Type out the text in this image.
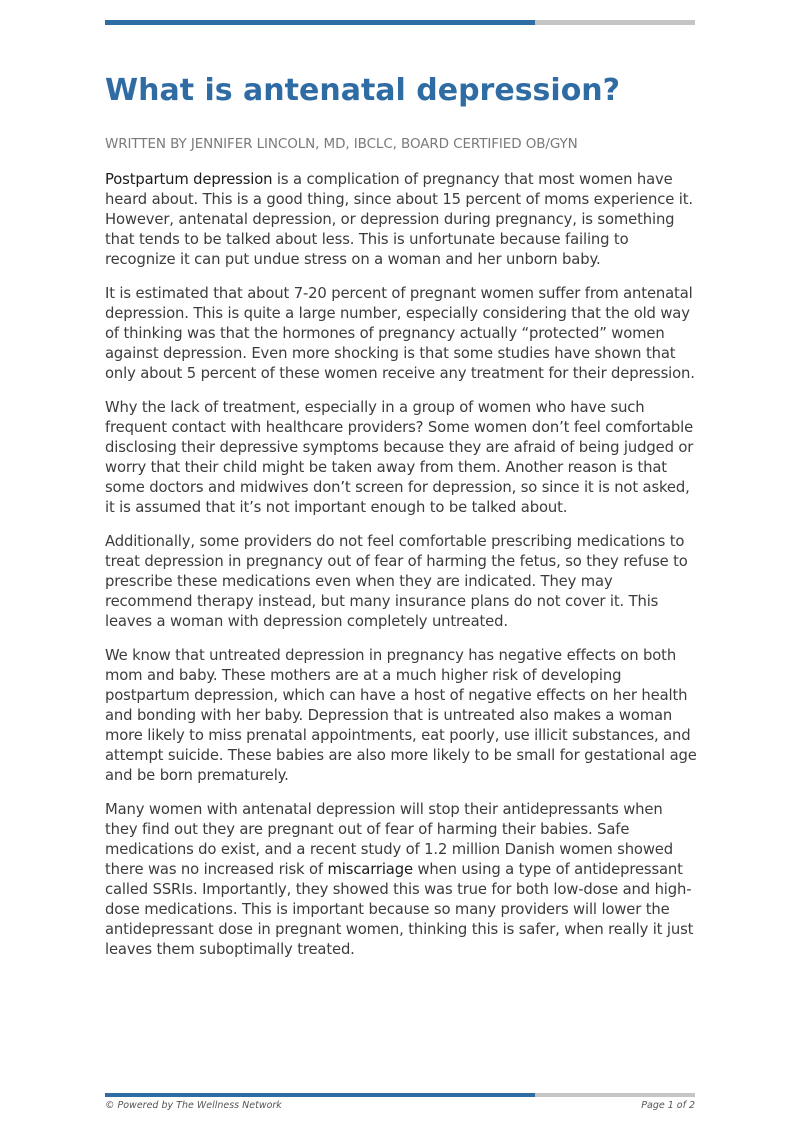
What is antenatal depression?
WRITTEN BY JENNIFER LINCOLN, MD, IBCLC, BOARD CERTIFIED OB/GYN

Postpartum depression is a complication of pregnancy that most women have heard about. This is a good thing, since about 15 percent of moms experience it. However, antenatal depression, or depression during pregnancy, is something that tends to be talked about less. This is unfortunate because failing to recognize it can put undue stress on a woman and her unborn baby.

It is estimated that about 7-20 percent of pregnant women suffer from antenatal depression. This is quite a large number, especially considering that the old way of thinking was that the hormones of pregnancy actually “protected” women against depression. Even more shocking is that some studies have shown that only about 5 percent of these women receive any treatment for their depression.

Why the lack of treatment, especially in a group of women who have such frequent contact with healthcare providers? Some women don’t feel comfortable disclosing their depressive symptoms because they are afraid of being judged or worry that their child might be taken away from them. Another reason is that some doctors and midwives don’t screen for depression, so since it is not asked, it is assumed that it’s not important enough to be talked about.

Additionally, some providers do not feel comfortable prescribing medications to treat depression in pregnancy out of fear of harming the fetus, so they refuse to prescribe these medications even when they are indicated. They may recommend therapy instead, but many insurance plans do not cover it. This leaves a woman with depression completely untreated.

We know that untreated depression in pregnancy has negative effects on both mom and baby. These mothers are at a much higher risk of developing postpartum depression, which can have a host of negative effects on her health and bonding with her baby. Depression that is untreated also makes a woman more likely to miss prenatal appointments, eat poorly, use illicit substances, and attempt suicide. These babies are also more likely to be small for gestational age and be born prematurely.

Many women with antenatal depression will stop their antidepressants when they find out they are pregnant out of fear of harming their babies. Safe medications do exist, and a recent study of 1.2 million Danish women showed there was no increased risk of miscarriage when using a type of antidepressant called SSRIs. Importantly, they showed this was true for both low-dose and high-dose medications. This is important because so many providers will lower the antidepressant dose in pregnant women, thinking this is safer, when really it just leaves them suboptimally treated.

© Powered by The Wellness Network	Page 1 of 2
